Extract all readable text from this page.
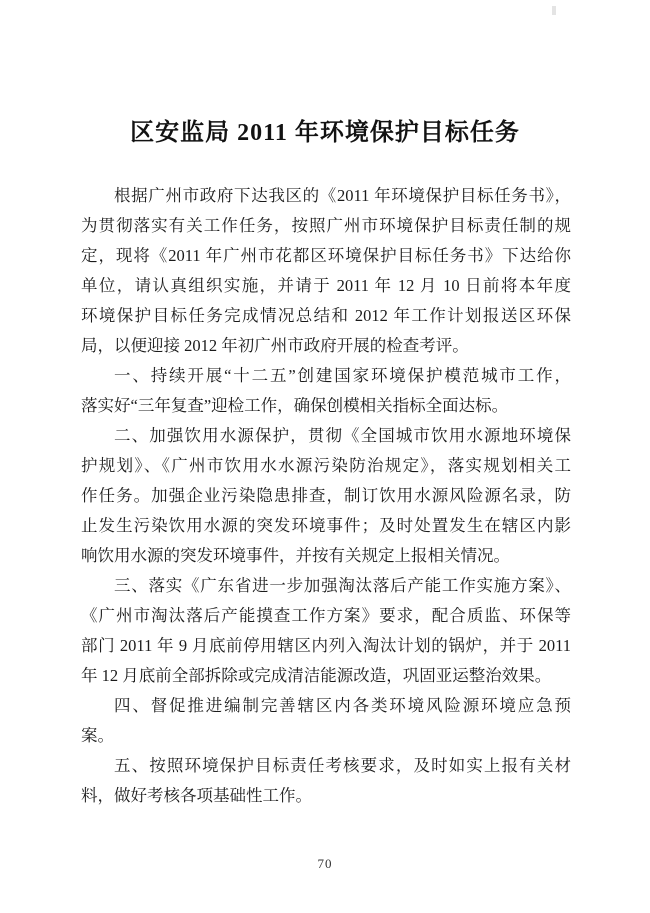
区安监局 2011 年环境保护目标任务
根据广州市政府下达我区的《2011 年环境保护目标任务书》，
为贯彻落实有关工作任务，按照广州市环境保护目标责任制的规
定，现将《2011 年广州市花都区环境保护目标任务书》下达给你
单位，请认真组织实施，并请于 2011 年 12 月 10 日前将本年度
环境保护目标任务完成情况总结和 2012 年工作计划报送区环保
局，以便迎接 2012 年初广州市政府开展的检查考评。
一、持续开展“十二五”创建国家环境保护模范城市工作，
落实好“三年复查”迎检工作，确保创模相关指标全面达标。
二、加强饮用水源保护，贯彻《全国城市饮用水源地环境保
护规划》、《广州市饮用水水源污染防治规定》，落实规划相关工
作任务。加强企业污染隐患排查，制订饮用水源风险源名录，防
止发生污染饮用水源的突发环境事件；及时处置发生在辖区内影
响饮用水源的突发环境事件，并按有关规定上报相关情况。
三、落实《广东省进一步加强淘汰落后产能工作实施方案》、
《广州市淘汰落后产能摸查工作方案》要求，配合质监、环保等
部门 2011 年 9 月底前停用辖区内列入淘汰计划的锅炉，并于 2011
年 12 月底前全部拆除或完成清洁能源改造，巩固亚运整治效果。
四、督促推进编制完善辖区内各类环境风险源环境应急预
案。
五、按照环境保护目标责任考核要求，及时如实上报有关材
料，做好考核各项基础性工作。
70
